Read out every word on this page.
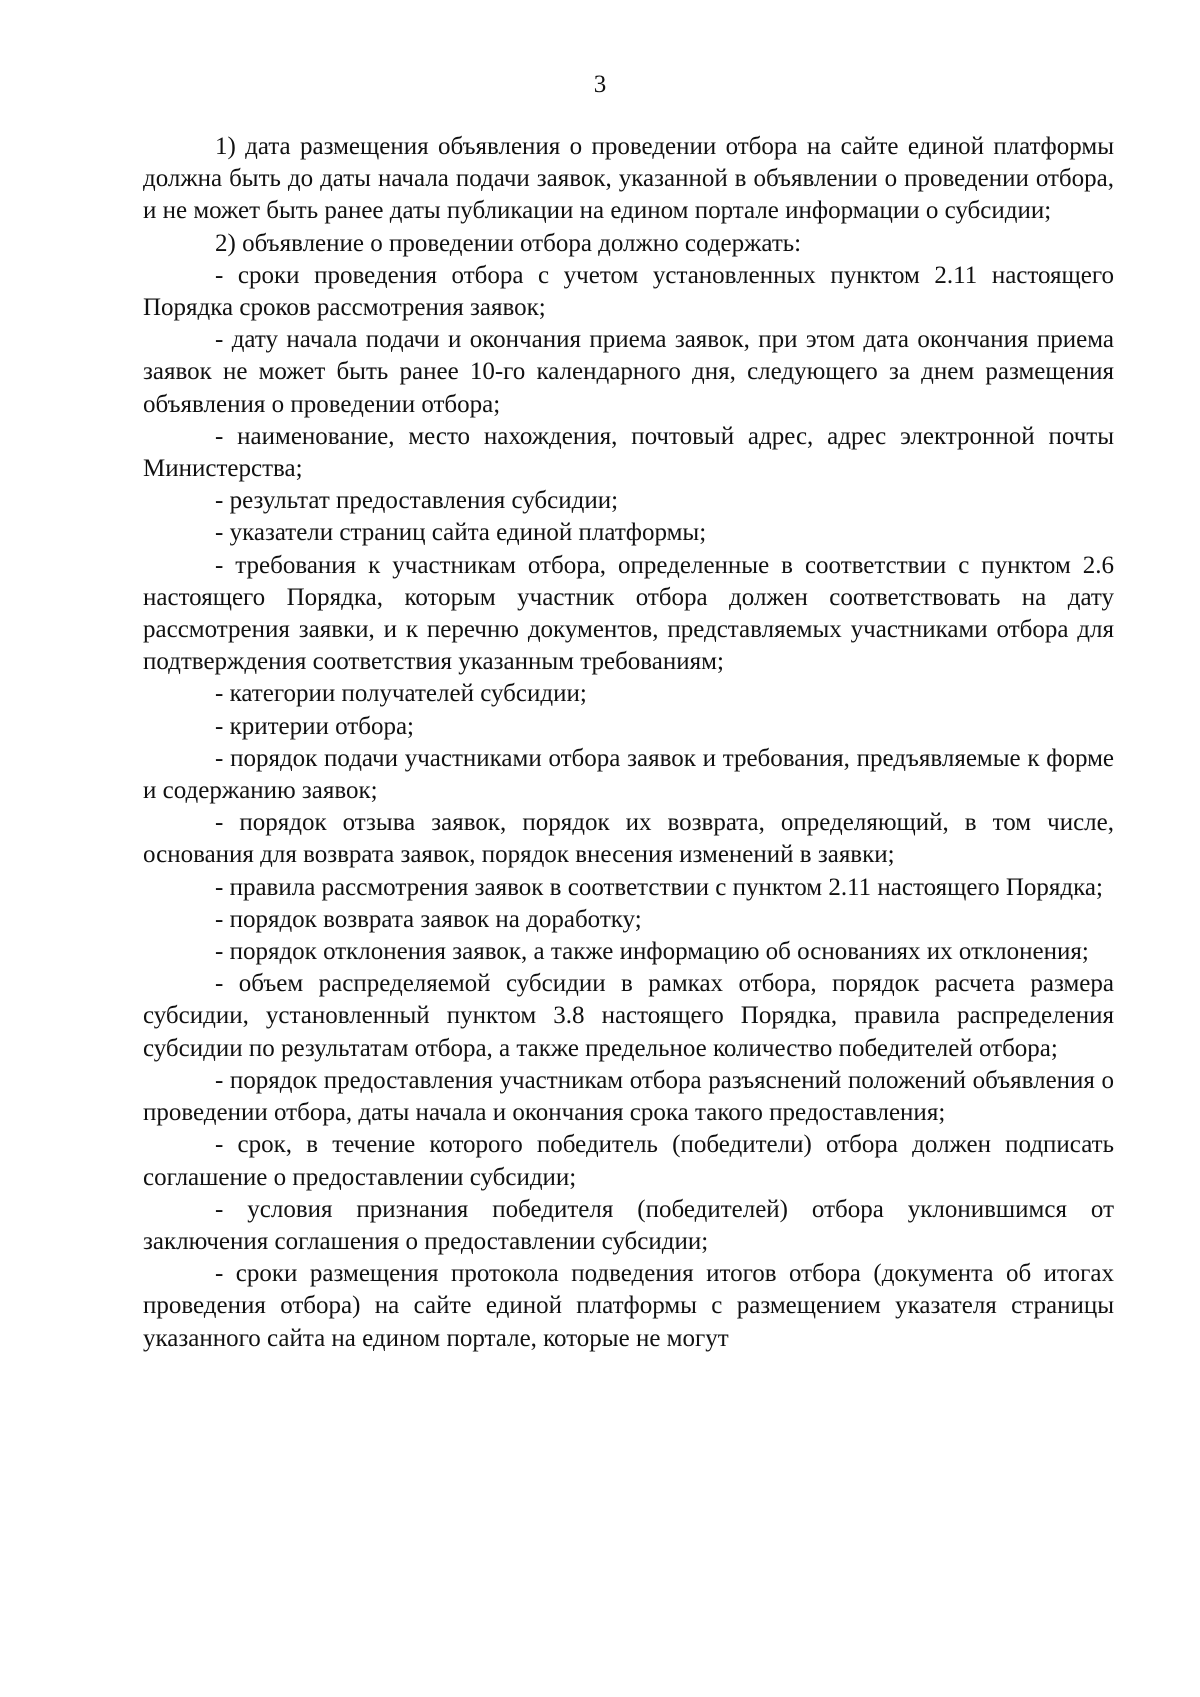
3

1) дата размещения объявления о проведении отбора на сайте единой платформы должна быть до даты начала подачи заявок, указанной в объявлении о проведении отбора, и не может быть ранее даты публикации на едином портале информации о субсидии;

2) объявление о проведении отбора должно содержать:

- сроки проведения отбора с учетом установленных пунктом 2.11 настоящего Порядка сроков рассмотрения заявок;

- дату начала подачи и окончания приема заявок, при этом дата окончания приема заявок не может быть ранее 10-го календарного дня, следующего за днем размещения объявления о проведении отбора;

- наименование, место нахождения, почтовый адрес, адрес электронной почты Министерства;

- результат предоставления субсидии;

- указатели страниц сайта единой платформы;

- требования к участникам отбора, определенные в соответствии с пунктом 2.6 настоящего Порядка, которым участник отбора должен соответствовать на дату рассмотрения заявки, и к перечню документов, представляемых участниками отбора для подтверждения соответствия указанным требованиям;

- категории получателей субсидии;

- критерии отбора;

- порядок подачи участниками отбора заявок и требования, предъявляемые к форме и содержанию заявок;

- порядок отзыва заявок, порядок их возврата, определяющий, в том числе, основания для возврата заявок, порядок внесения изменений в заявки;

- правила рассмотрения заявок в соответствии с пунктом 2.11 настоящего Порядка;

- порядок возврата заявок на доработку;

- порядок отклонения заявок, а также информацию об основаниях их отклонения;

- объем распределяемой субсидии в рамках отбора, порядок расчета размера субсидии, установленный пунктом 3.8 настоящего Порядка, правила распределения субсидии по результатам отбора, а также предельное количество победителей отбора;

- порядок предоставления участникам отбора разъяснений положений объявления о проведении отбора, даты начала и окончания срока такого предоставления;

- срок, в течение которого победитель (победители) отбора должен подписать соглашение о предоставлении субсидии;

- условия признания победителя (победителей) отбора уклонившимся от заключения соглашения о предоставлении субсидии;

- сроки размещения протокола подведения итогов отбора (документа об итогах проведения отбора) на сайте единой платформы с размещением указателя страницы указанного сайта на едином портале, которые не могут
